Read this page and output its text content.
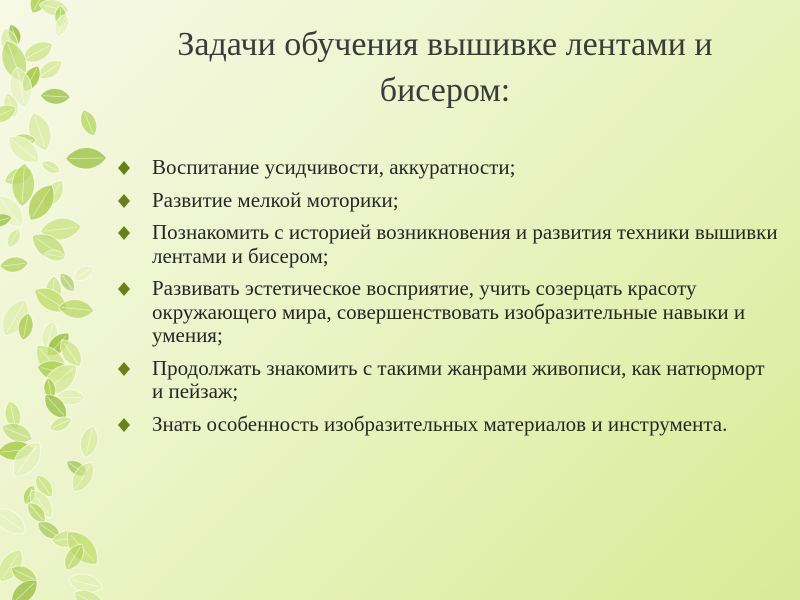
Задачи обучения вышивке лентами и бисером:
Воспитание усидчивости, аккуратности;
Развитие мелкой моторики;
Познакомить с историей возникновения и развития техники вышивки лентами и бисером;
Развивать эстетическое восприятие, учить созерцать красоту окружающего мира, совершенствовать изобразительные навыки и умения;
Продолжать знакомить с такими жанрами живописи, как натюрморт и пейзаж;
Знать особенность изобразительных материалов и инструмента.
